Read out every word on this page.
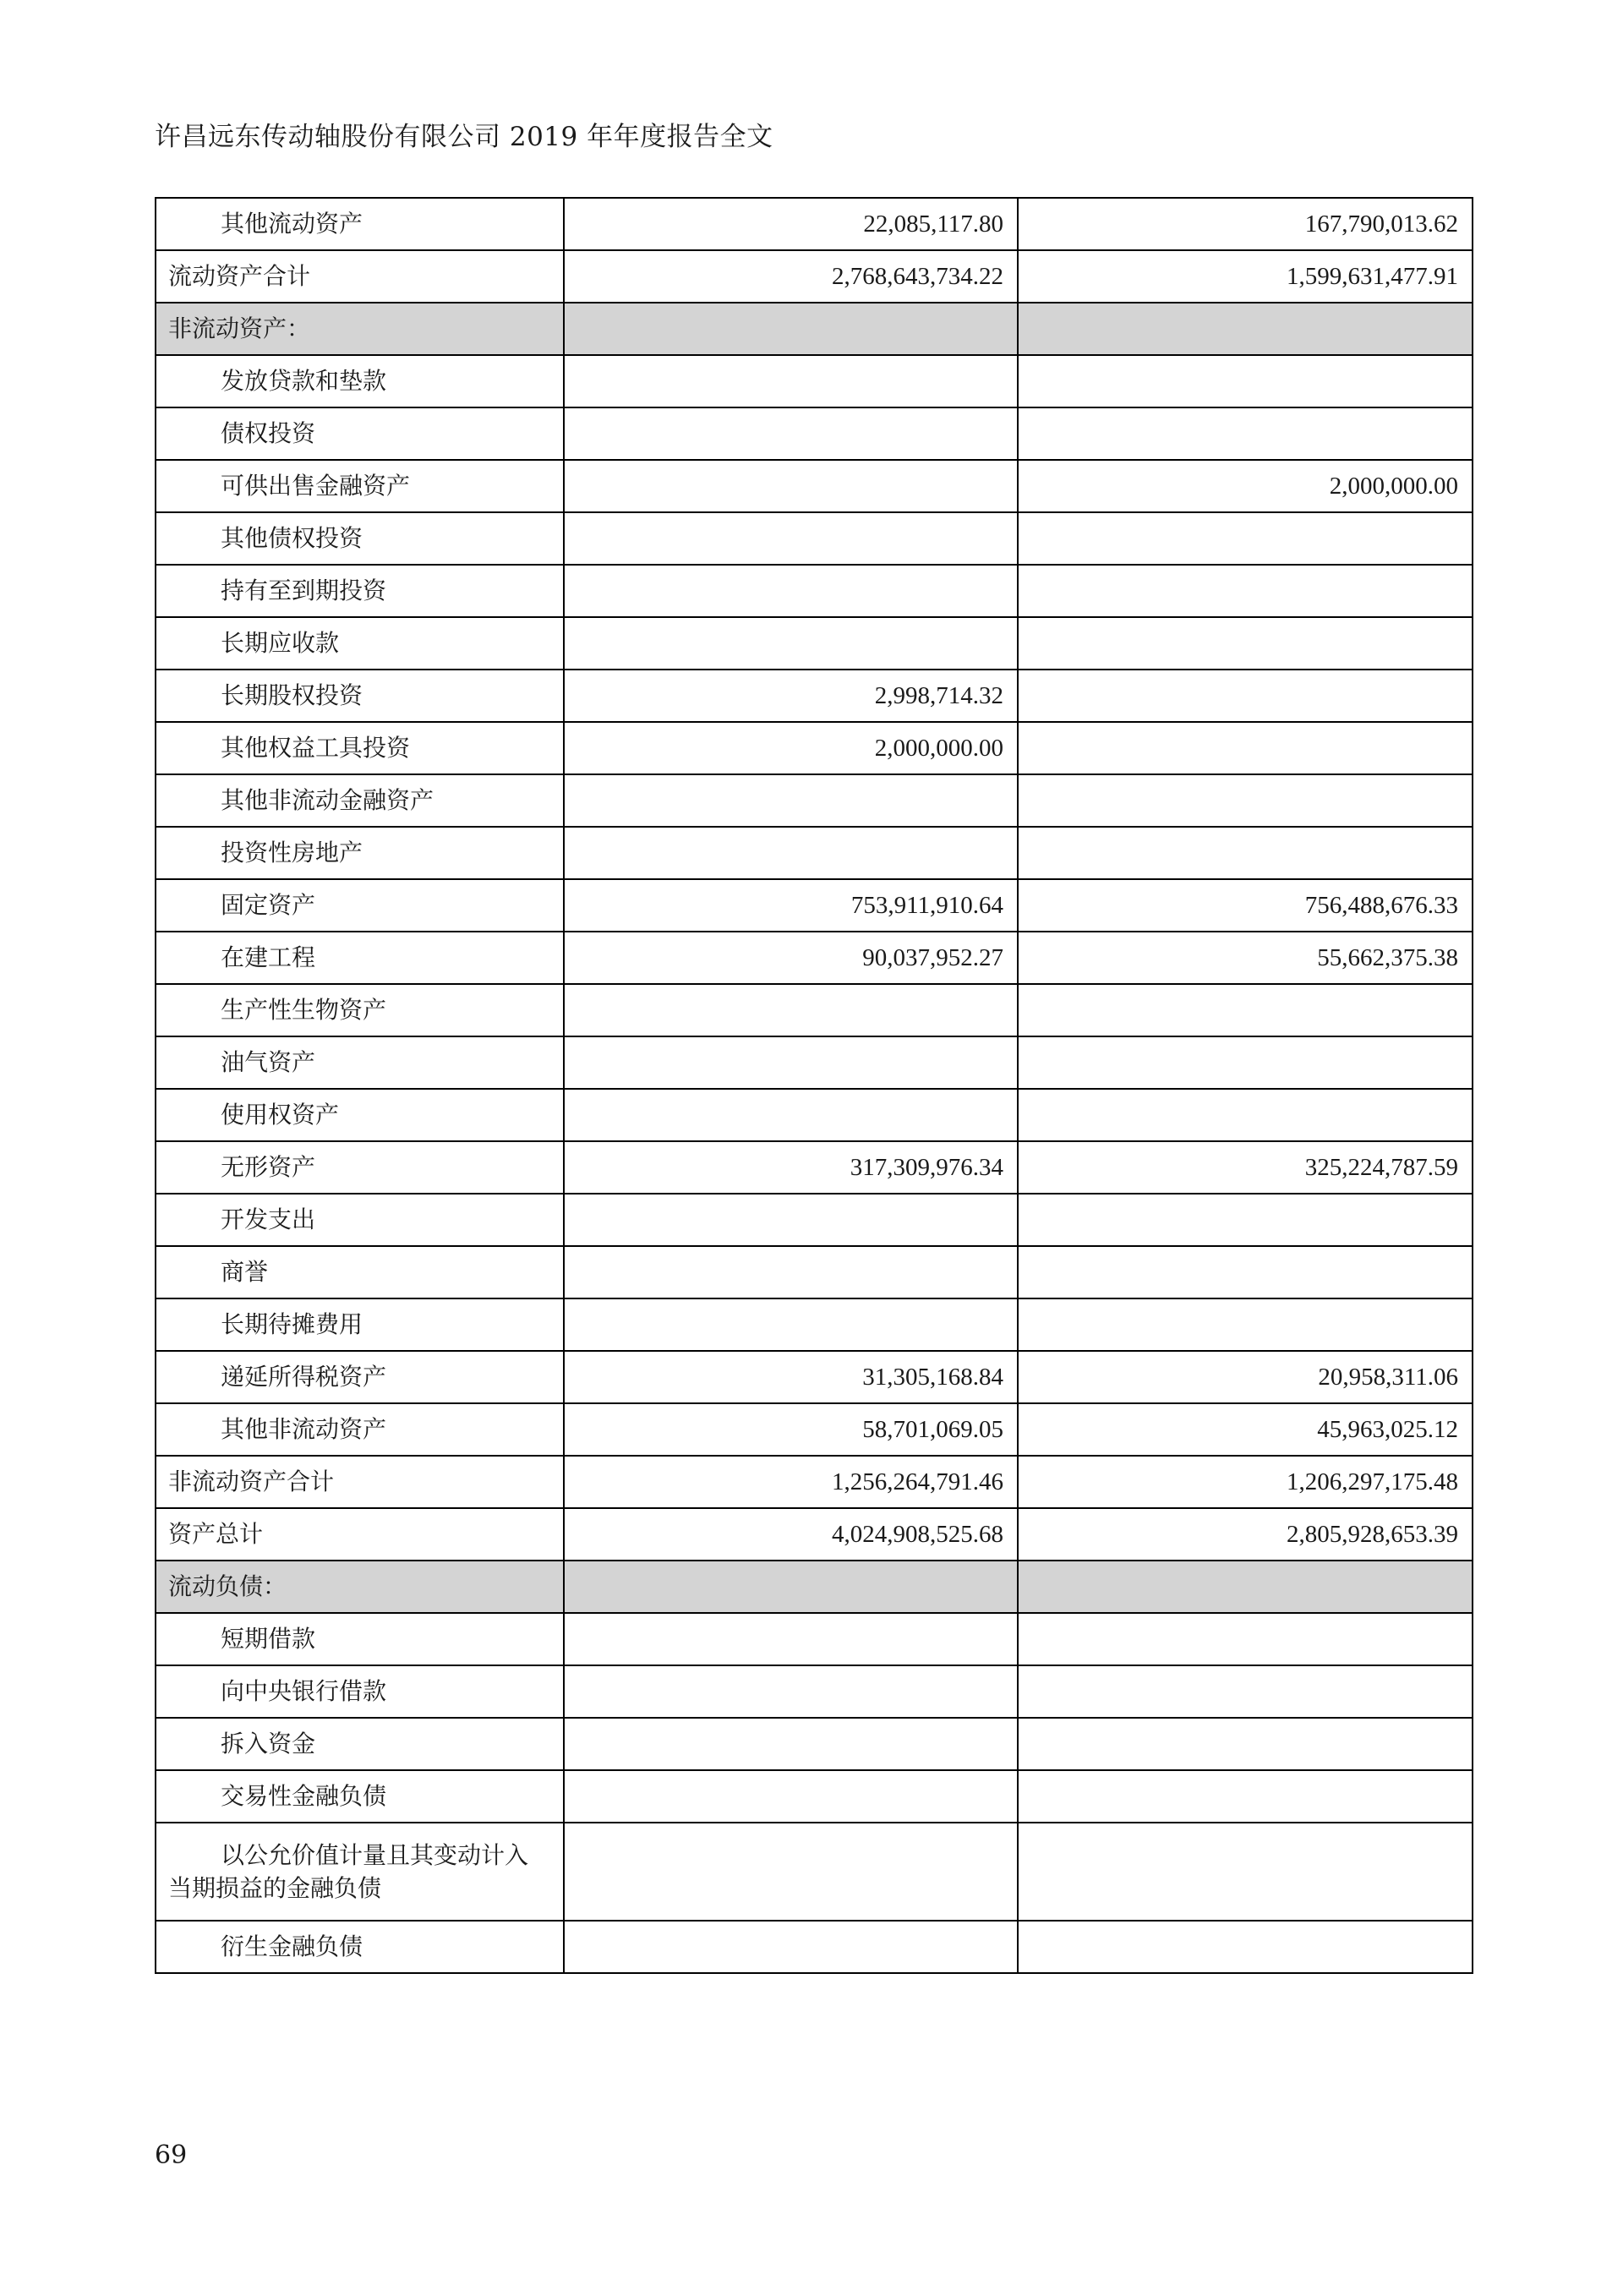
许昌远东传动轴股份有限公司 2019 年年度报告全文
其他流动资产	22,085,117.80	167,790,013.62
流动资产合计	2,768,643,734.22	1,599,631,477.91
非流动资产：		
发放贷款和垫款		
债权投资		
可供出售金融资产		2,000,000.00
其他债权投资		
持有至到期投资		
长期应收款		
长期股权投资	2,998,714.32	
其他权益工具投资	2,000,000.00	
其他非流动金融资产		
投资性房地产		
固定资产	753,911,910.64	756,488,676.33
在建工程	90,037,952.27	55,662,375.38
生产性生物资产		
油气资产		
使用权资产		
无形资产	317,309,976.34	325,224,787.59
开发支出		
商誉		
长期待摊费用		
递延所得税资产	31,305,168.84	20,958,311.06
其他非流动资产	58,701,069.05	45,963,025.12
非流动资产合计	1,256,264,791.46	1,206,297,175.48
资产总计	4,024,908,525.68	2,805,928,653.39
流动负债：		
短期借款		
向中央银行借款		
拆入资金		
交易性金融负债		

以公允价值计量且其变动计入
当期损益的金融负债		

衍生金融负债		
69
